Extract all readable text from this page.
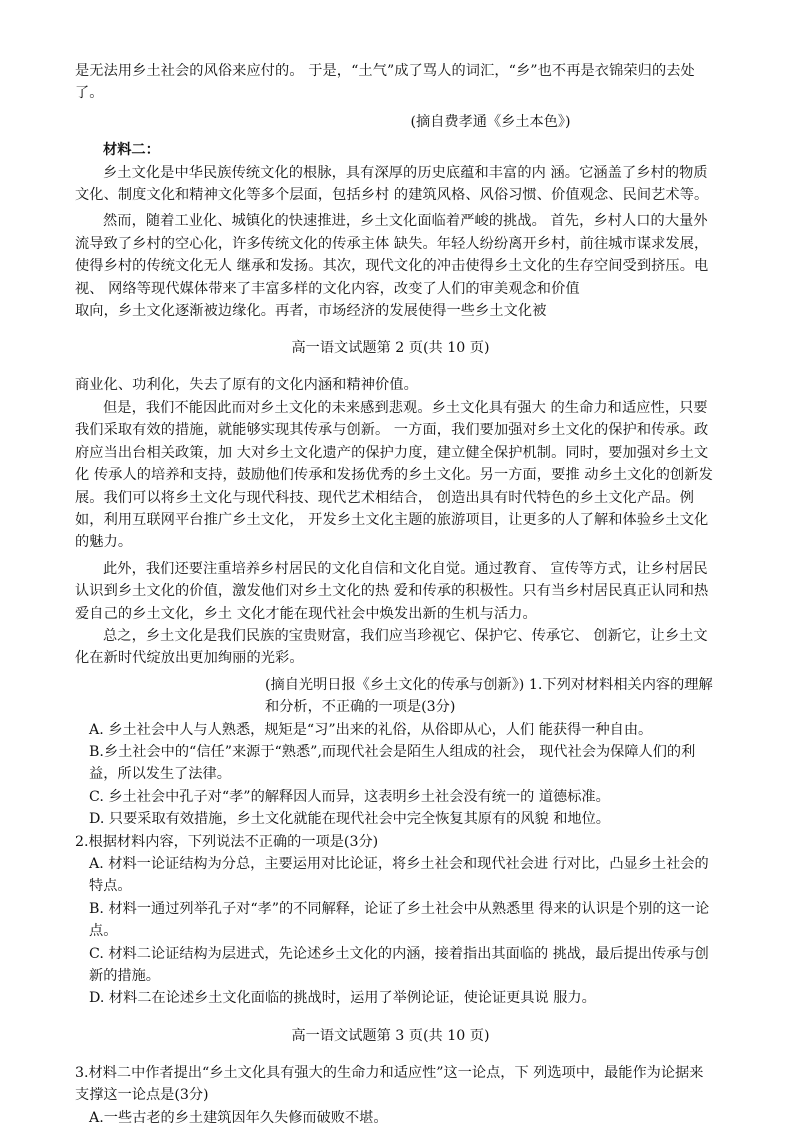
是无法用乡土社会的风俗来应付的。 于是，“土气”成了骂人的词汇，“乡”也不再是衣锦荣归的去处了。

(摘自费孝通《乡土本色》)

材料二：

乡土文化是中华民族传统文化的根脉，具有深厚的历史底蕴和丰富的内 涵。它涵盖了乡村的物质文化、制度文化和精神文化等多个层面，包括乡村 的建筑风格、风俗习惯、价值观念、民间艺术等。

然而，随着工业化、城镇化的快速推进，乡土文化面临着严峻的挑战。 首先，乡村人口的大量外流导致了乡村的空心化，许多传统文化的传承主体 缺失。年轻人纷纷离开乡村，前往城市谋求发展，使得乡村的传统文化无人 继承和发扬。其次，现代文化的冲击使得乡土文化的生存空间受到挤压。电视、 网络等现代媒体带来了丰富多样的文化内容，改变了人们的审美观念和价值

取向，乡土文化逐渐被边缘化。再者，市场经济的发展使得一些乡土文化被

高一语文试题第 2 页(共 10 页)

商业化、功利化，失去了原有的文化内涵和精神价值。

但是，我们不能因此而对乡土文化的未来感到悲观。乡土文化具有强大 的生命力和适应性，只要我们采取有效的措施，就能够实现其传承与创新。 一方面，我们要加强对乡土文化的保护和传承。政府应当出台相关政策，加 大对乡土文化遗产的保护力度，建立健全保护机制。同时，要加强对乡土文化 传承人的培养和支持，鼓励他们传承和发扬优秀的乡土文化。另一方面，要推 动乡土文化的创新发展。我们可以将乡土文化与现代科技、现代艺术相结合， 创造出具有时代特色的乡土文化产品。例如，利用互联网平台推广乡土文化， 开发乡土文化主题的旅游项目，让更多的人了解和体验乡土文化的魅力。

此外，我们还要注重培养乡村居民的文化自信和文化自觉。通过教育、 宣传等方式，让乡村居民认识到乡土文化的价值，激发他们对乡土文化的热 爱和传承的积极性。只有当乡村居民真正认同和热爱自己的乡土文化，乡土 文化才能在现代社会中焕发出新的生机与活力。

总之，乡土文化是我们民族的宝贵财富，我们应当珍视它、保护它、传承它、 创新它，让乡土文化在新时代绽放出更加绚丽的光彩。

(摘自光明日报《乡土文化的传承与创新》) 1.下列对材料相关内容的理解和分析，不正确的一项是(3分)

A. 乡土社会中人与人熟悉，规矩是“习”出来的礼俗，从俗即从心，人们 能获得一种自由。

B.乡土社会中的“信任”来源于“熟悉”,而现代社会是陌生人组成的社会， 现代社会为保障人们的利益，所以发生了法律。

C. 乡土社会中孔子对“孝”的解释因人而异，这表明乡土社会没有统一的 道德标准。

D. 只要采取有效措施，乡土文化就能在现代社会中完全恢复其原有的风貌 和地位。

2.根据材料内容，下列说法不正确的一项是(3分)

A. 材料一论证结构为分总，主要运用对比论证，将乡土社会和现代社会进 行对比，凸显乡土社会的特点。

B. 材料一通过列举孔子对“孝”的不同解释，论证了乡土社会中从熟悉里 得来的认识是个别的这一论点。

C. 材料二论证结构为层进式，先论述乡土文化的内涵，接着指出其面临的 挑战，最后提出传承与创新的措施。

D. 材料二在论述乡土文化面临的挑战时，运用了举例论证，使论证更具说 服力。

高一语文试题第 3 页(共 10 页)

3.材料二中作者提出“乡土文化具有强大的生命力和适应性”这一论点，下 列选项中，最能作为论据来支撑这一论点是(3分)

A.一些古老的乡土建筑因年久失修而破败不堪。
